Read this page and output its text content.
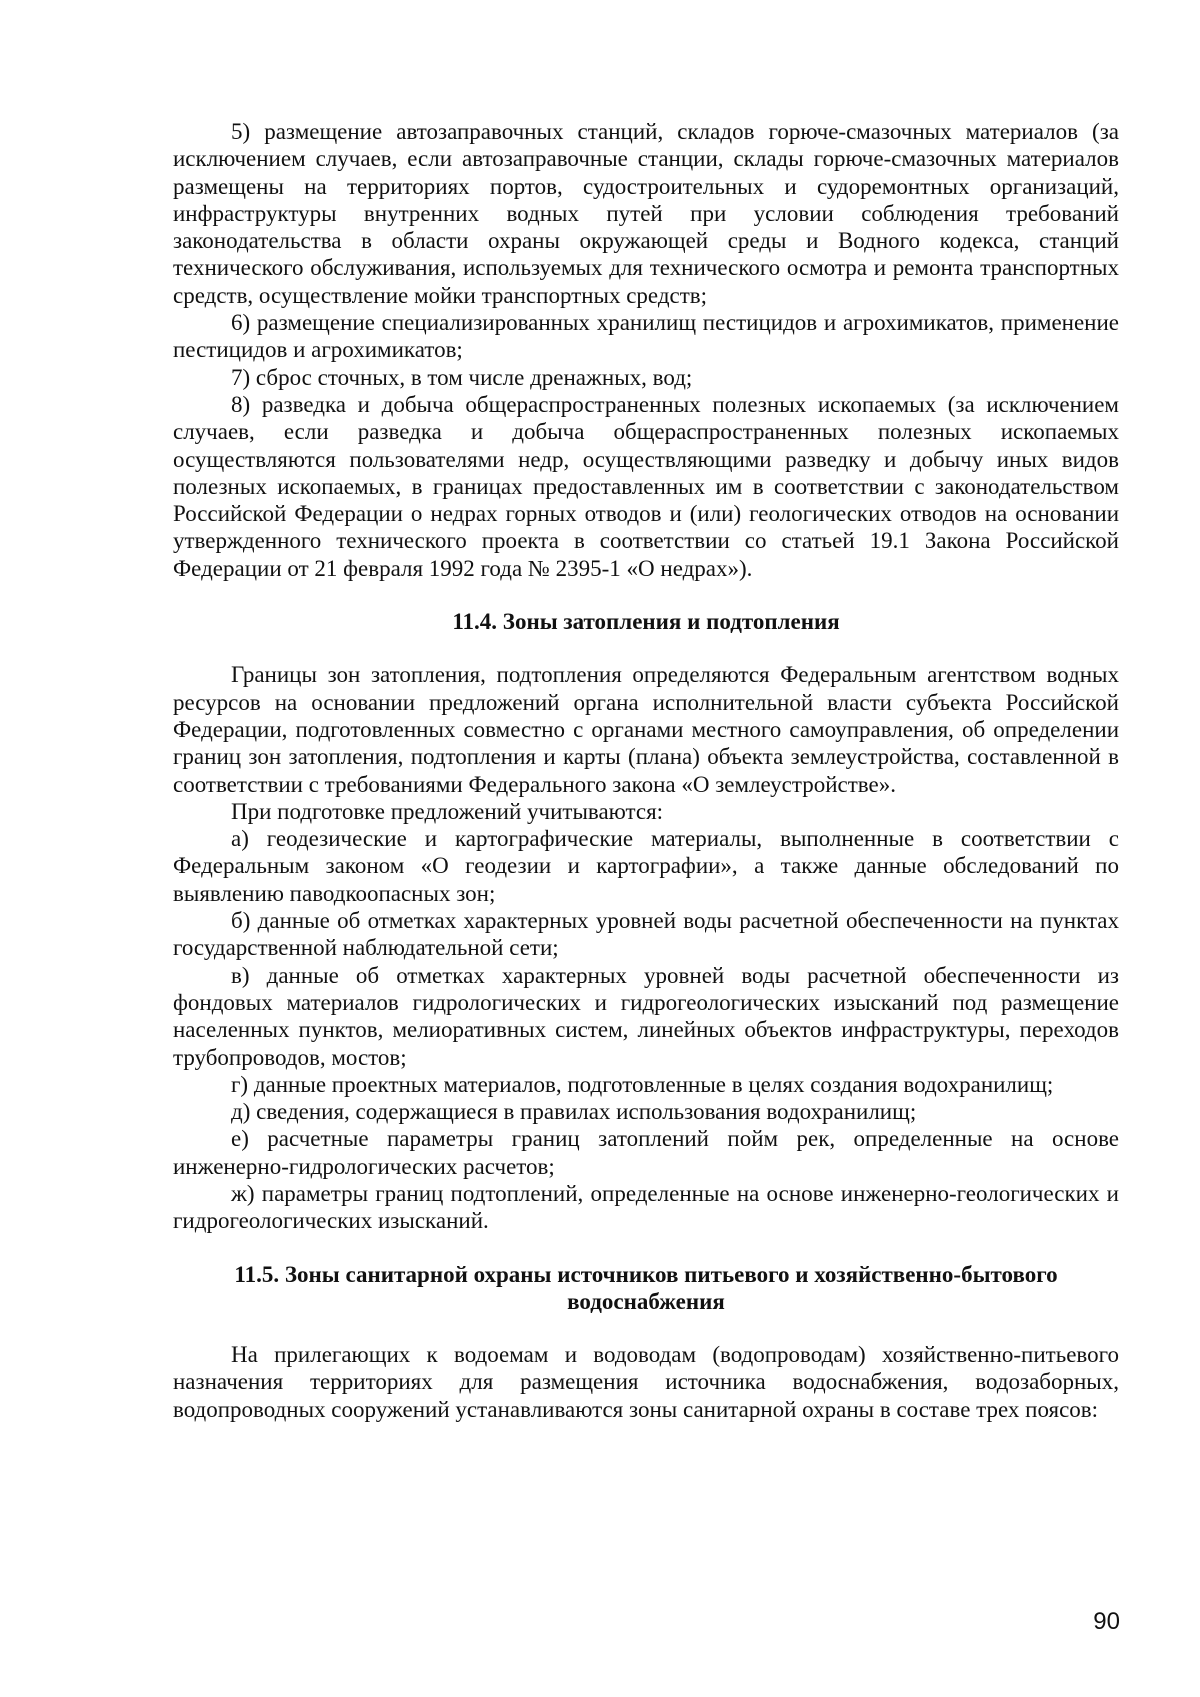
5) размещение автозаправочных станций, складов горюче-смазочных материалов (за исключением случаев, если автозаправочные станции, склады горюче-смазочных материалов размещены на территориях портов, судостроительных и судоремонтных организаций, инфраструктуры внутренних водных путей при условии соблюдения требований законодательства в области охраны окружающей среды и Водного кодекса, станций технического обслуживания, используемых для технического осмотра и ремонта транспортных средств, осуществление мойки транспортных средств;

6) размещение специализированных хранилищ пестицидов и агрохимикатов, применение пестицидов и агрохимикатов;

7) сброс сточных, в том числе дренажных, вод;

8) разведка и добыча общераспространенных полезных ископаемых (за исключением случаев, если разведка и добыча общераспространенных полезных ископаемых осуществляются пользователями недр, осуществляющими разведку и добычу иных видов полезных ископаемых, в границах предоставленных им в соответствии с законодательством Российской Федерации о недрах горных отводов и (или) геологических отводов на основании утвержденного технического проекта в соответствии со статьей 19.1 Закона Российской Федерации от 21 февраля 1992 года № 2395-1 «О недрах»).

11.4. Зоны затопления и подтопления

Границы зон затопления, подтопления определяются Федеральным агентством водных ресурсов на основании предложений органа исполнительной власти субъекта Российской Федерации, подготовленных совместно с органами местного самоуправления, об определении границ зон затопления, подтопления и карты (плана) объекта землеустройства, составленной в соответствии с требованиями Федерального закона «О землеустройстве».

При подготовке предложений учитываются:

а) геодезические и картографические материалы, выполненные в соответствии с Федеральным законом «О геодезии и картографии», а также данные обследований по выявлению паводкоопасных зон;

б) данные об отметках характерных уровней воды расчетной обеспеченности на пунктах государственной наблюдательной сети;

в) данные об отметках характерных уровней воды расчетной обеспеченности из фондовых материалов гидрологических и гидрогеологических изысканий под размещение населенных пунктов, мелиоративных систем, линейных объектов инфраструктуры, переходов трубопроводов, мостов;

г) данные проектных материалов, подготовленные в целях создания водохранилищ;

д) сведения, содержащиеся в правилах использования водохранилищ;

е) расчетные параметры границ затоплений пойм рек, определенные на основе инженерно-гидрологических расчетов;

ж) параметры границ подтоплений, определенные на основе инженерно-геологических и гидрогеологических изысканий.

11.5. Зоны санитарной охраны источников питьевого и хозяйственно-бытового
водоснабжения

На прилегающих к водоемам и водоводам (водопроводам) хозяйственно-питьевого назначения территориях для размещения источника водоснабжения, водозаборных, водопроводных сооружений устанавливаются зоны санитарной охраны в составе трех поясов:

90
